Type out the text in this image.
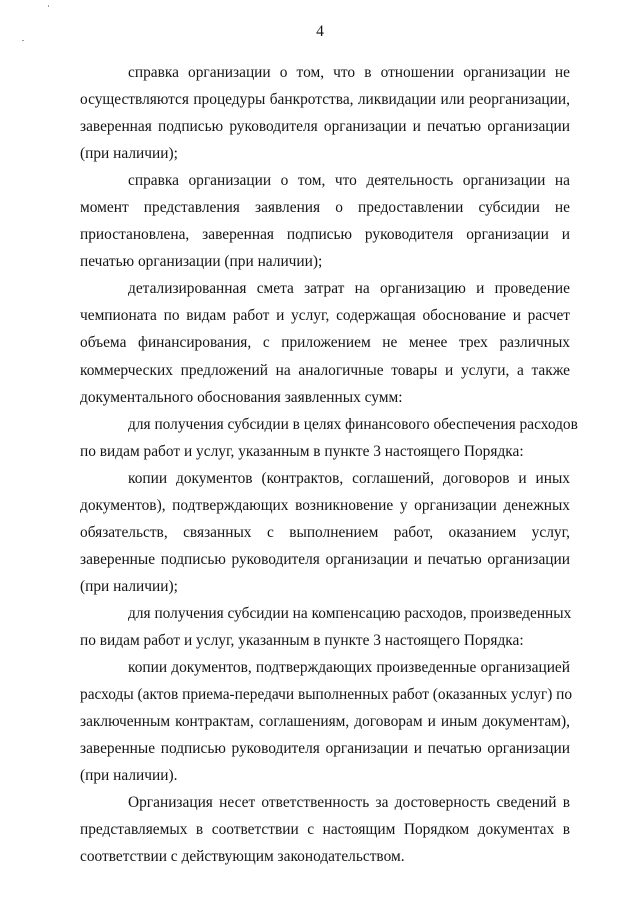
4

справка организации о том, что в отношении организации не
осуществляются процедуры банкротства, ликвидации или реорганизации,
заверенная подписью руководителя организации и печатью организации
(при наличии);

справка организации о том, что деятельность организации на
момент представления заявления о предоставлении субсидии не
приостановлена, заверенная подписью руководителя организации и
печатью организации (при наличии);

детализированная смета затрат на организацию и проведение
чемпионата по видам работ и услуг, содержащая обоснование и расчет
объема финансирования, с приложением не менее трех различных
коммерческих предложений на аналогичные товары и услуги, а также
документального обоснования заявленных сумм:

для получения субсидии в целях финансового обеспечения расходов
по видам работ и услуг, указанным в пункте 3 настоящего Порядка:

копии документов (контрактов, соглашений, договоров и иных
документов), подтверждающих возникновение у организации денежных
обязательств, связанных с выполнением работ, оказанием услуг,
заверенные подписью руководителя организации и печатью организации
(при наличии);

для получения субсидии на компенсацию расходов, произведенных
по видам работ и услуг, указанным в пункте 3 настоящего Порядка:

копии документов, подтверждающих произведенные организацией
расходы (актов приема-передачи выполненных работ (оказанных услуг) по
заключенным контрактам, соглашениям, договорам и иным документам),
заверенные подписью руководителя организации и печатью организации
(при наличии).

Организация несет ответственность за достоверность сведений в
представляемых в соответствии с настоящим Порядком документах в
соответствии с действующим законодательством.
